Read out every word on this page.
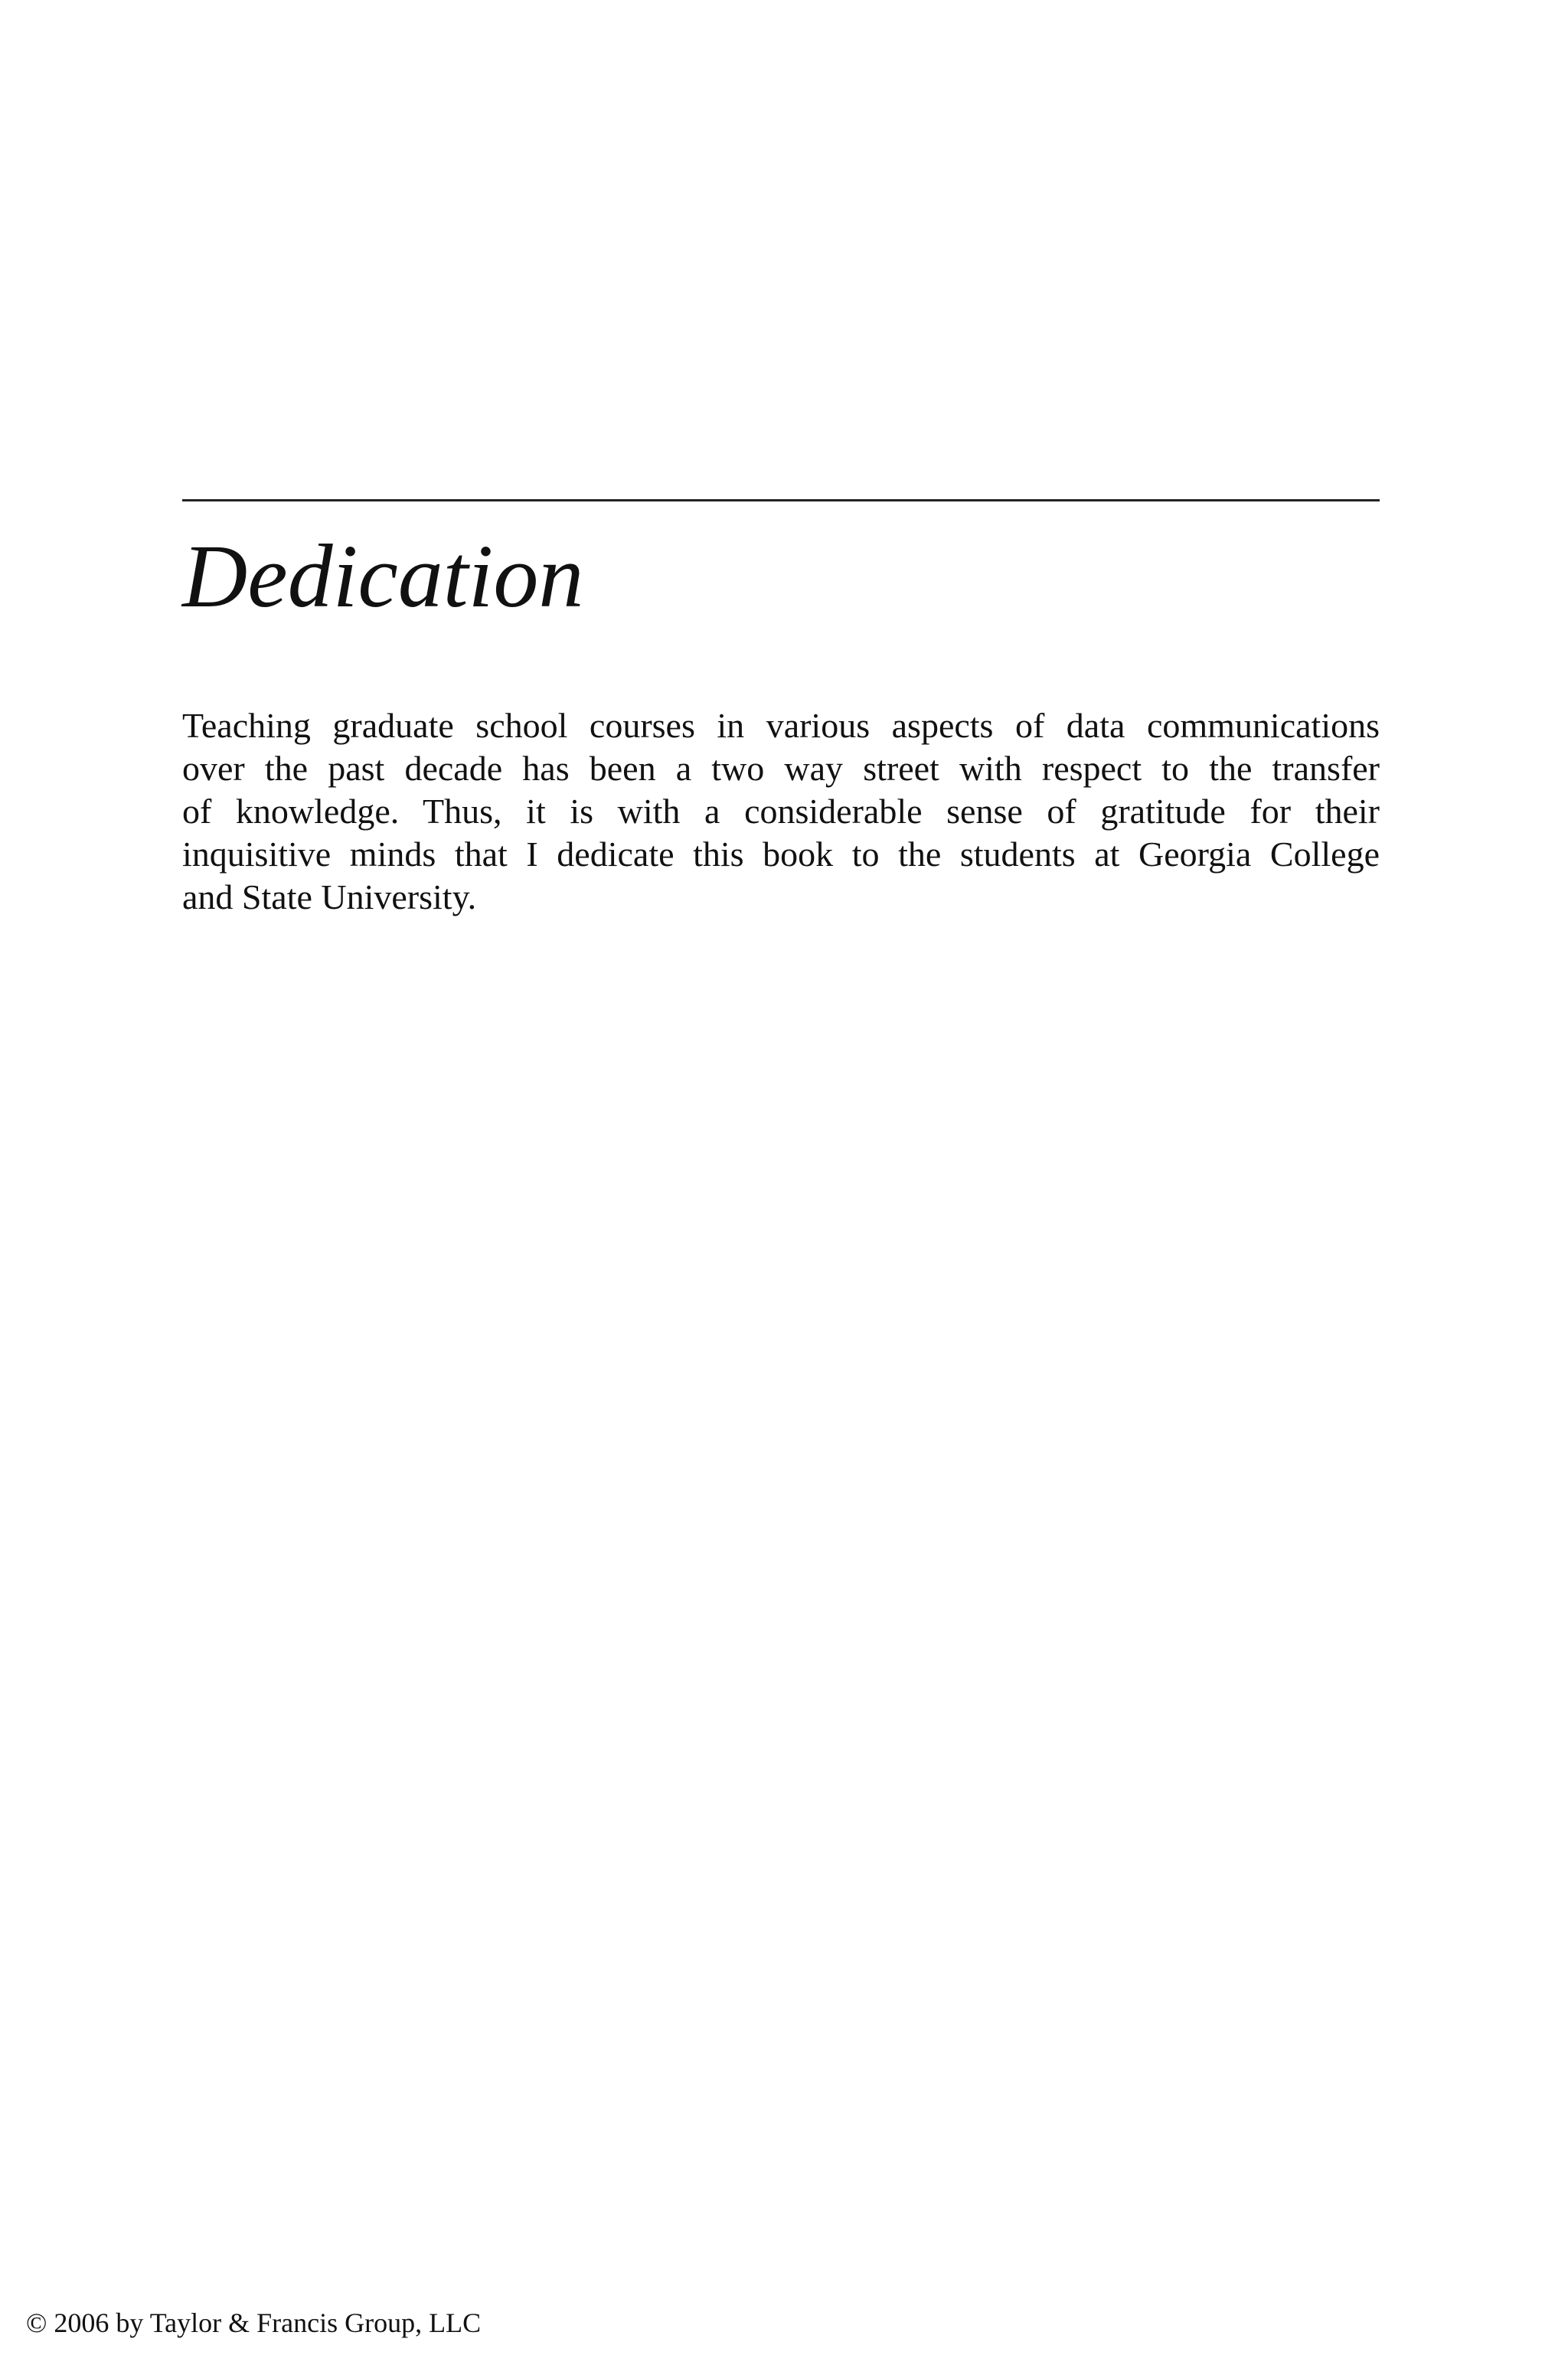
Dedication
Teaching graduate school courses in various aspects of data communications
over the past decade has been a two way street with respect to the transfer
of knowledge. Thus, it is with a considerable sense of gratitude for their
inquisitive minds that I dedicate this book to the students at Georgia College
and State University.

© 2006 by Taylor & Francis Group, LLC
